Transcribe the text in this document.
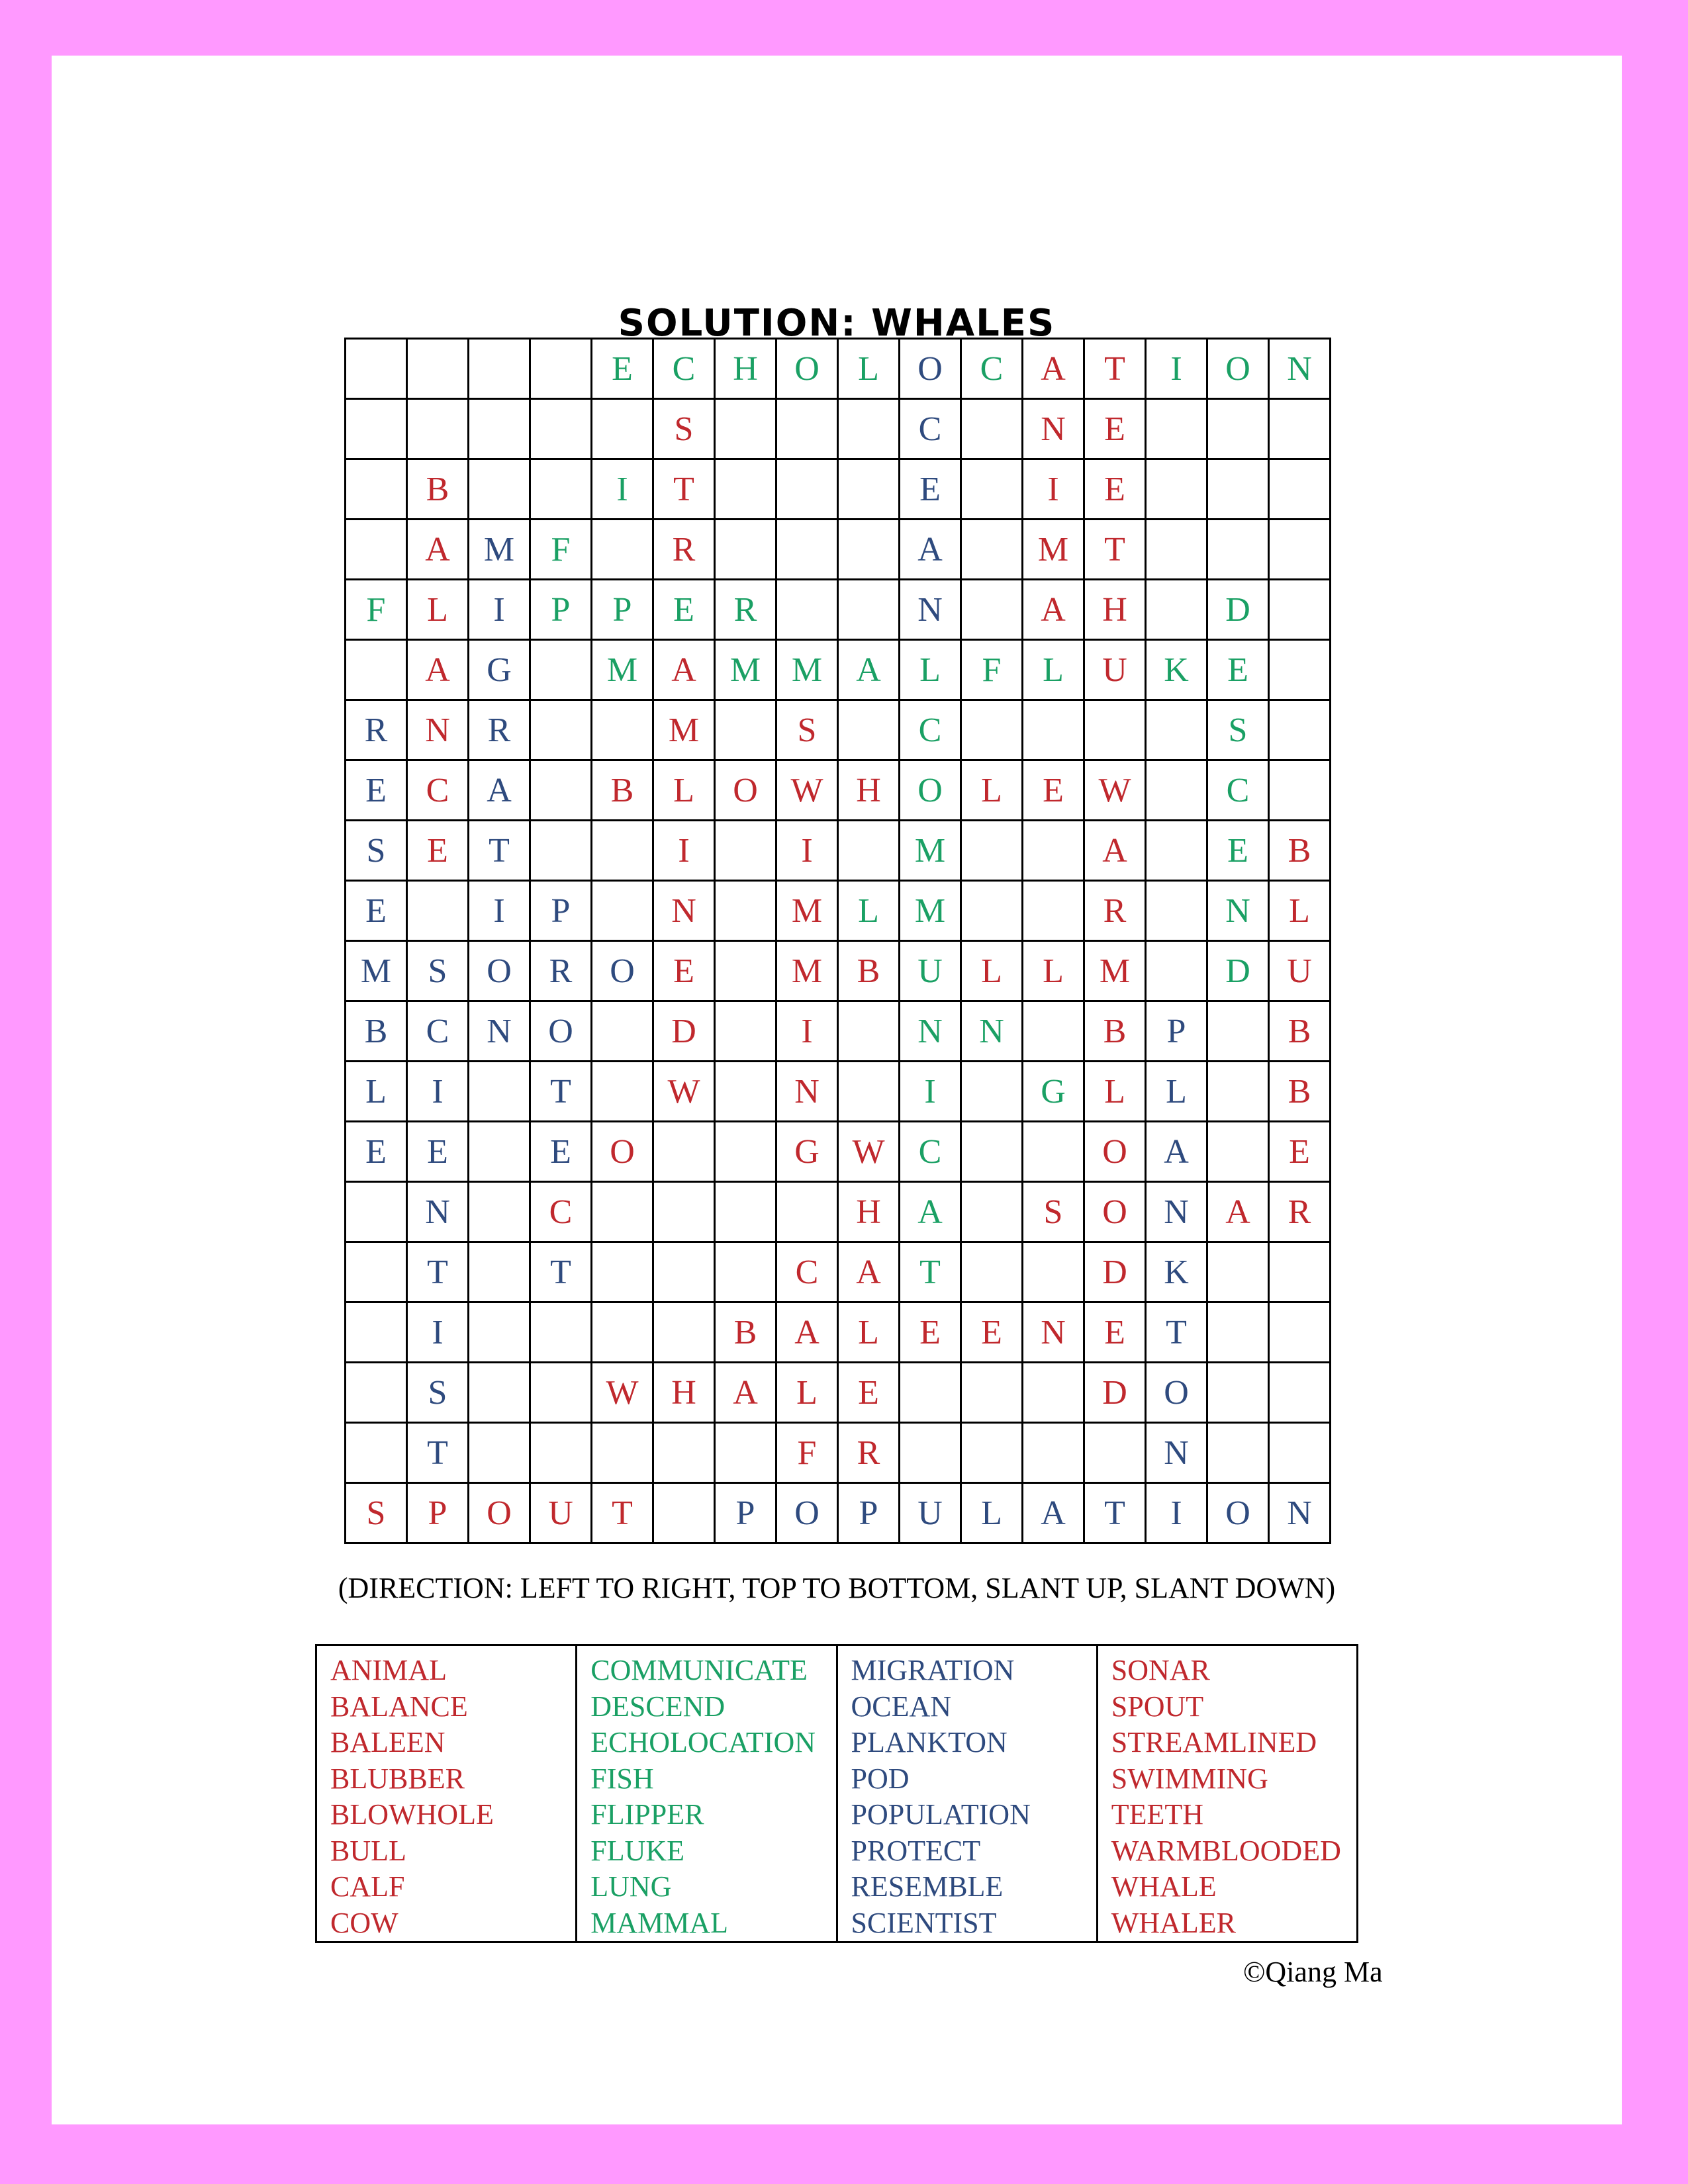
SOLUTION: WHALES
				E	C	H	O	L	O	C	A	T	I	O	N
					S				C		N	E			
	B			I	T				E		I	E			
	A	M	F		R				A		M	T			
F	L	I	P	P	E	R			N		A	H		D	
	A	G		M	A	M	M	A	L	F	L	U	K	E	
R	N	R			M		S		C					S	
E	C	A		B	L	O	W	H	O	L	E	W		C	
S	E	T			I		I		M			A		E	B
E		I	P		N		M	L	M			R		N	L
M	S	O	R	O	E		M	B	U	L	L	M		D	U
B	C	N	O		D		I		N	N		B	P		B
L	I		T		W		N		I		G	L	L		B
E	E		E	O			G	W	C			O	A		E
	N		C					H	A		S	O	N	A	R
	T		T				C	A	T			D	K		
	I					B	A	L	E	E	N	E	T		
	S			W	H	A	L	E				D	O		
	T						F	R					N		
S	P	O	U	T		P	O	P	U	L	A	T	I	O	N
(DIRECTION: LEFT TO RIGHT, TOP TO BOTTOM, SLANT UP, SLANT DOWN)
ANIMAL
BALANCE
BALEEN
BLUBBER
BLOWHOLE
BULL
CALF
COW

COMMUNICATE
DESCEND
ECHOLOCATION
FISH
FLIPPER
FLUKE
LUNG
MAMMAL

MIGRATION
OCEAN
PLANKTON
POD
POPULATION
PROTECT
RESEMBLE
SCIENTIST

SONAR
SPOUT
STREAMLINED
SWIMMING
TEETH
WARMBLOODED
WHALE
WHALER
©Qiang Ma
